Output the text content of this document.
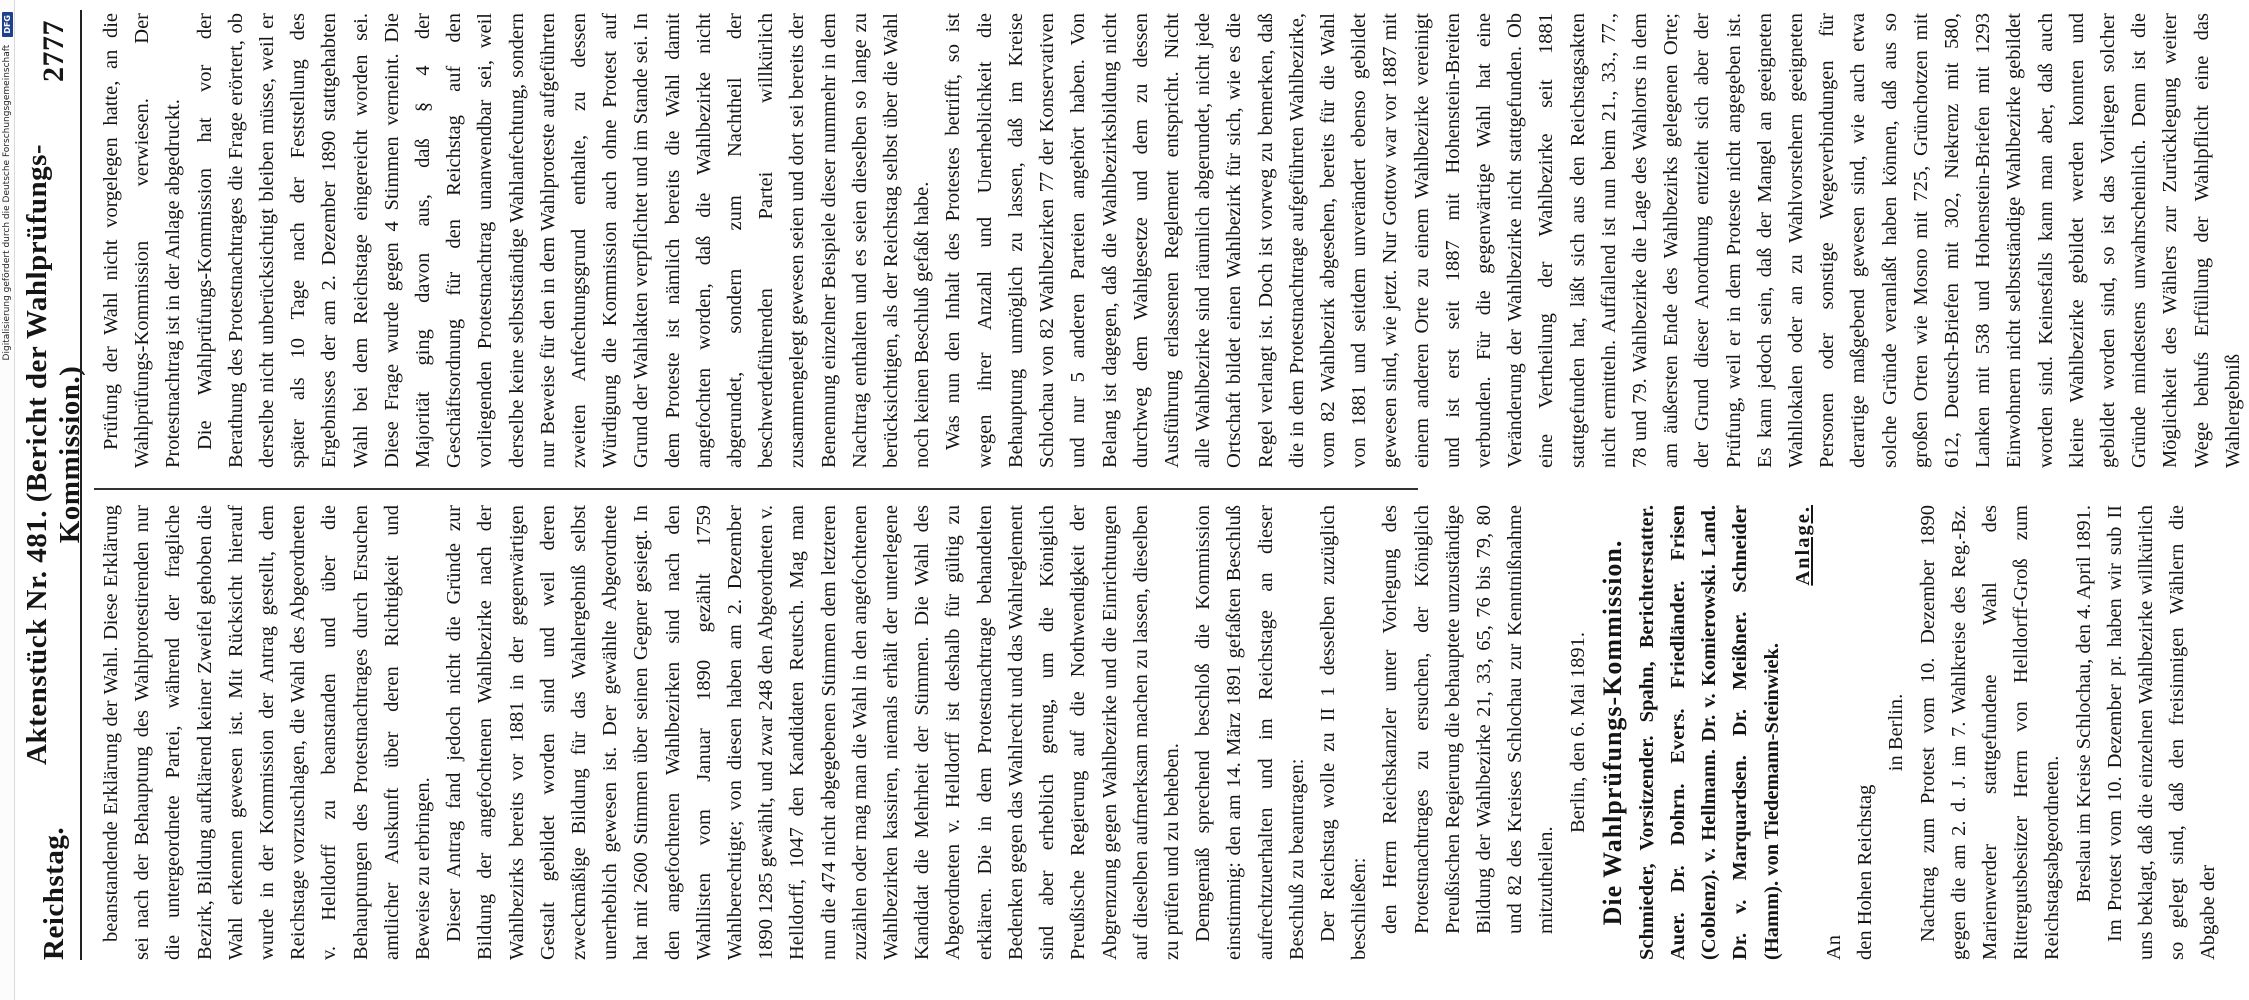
Digitalisierung gefördert durch die Deutsche Forschungsgemeinschaft
DFG
Reichstag.
Aktenstück Nr. 481. (Bericht der Wahlprüfungs-Kommission.)
2777

beanstandende Erklärung der Wahl. Diese Erklärung sei nach der Behauptung des Wahlprotestirenden nur die untergeordnete Partei, während der fragliche Bezirk, Bildung aufklärend keiner Zweifel gehoben die Wahl erkennen gewesen ist. Mit Rücksicht hierauf wurde in der Kommission der Antrag gestellt, dem Reichstage vorzuschlagen, die Wahl des Abgeordneten v. Helldorff zu beanstanden und über die Behauptungen des Protestnachtrages durch Ersuchen amtlicher Auskunft über deren Richtigkeit und Beweise zu erbringen. Dieser Antrag fand jedoch nicht die Gründe zur Bildung der angefochtenen Wahlbezirke nach der Wahlbezirks bereits vor 1881 in der gegenwärtigen Gestalt gebildet worden sind und weil deren zweckmäßige Bildung für das Wahlergebniß selbst unerheblich gewesen ist. Der gewählte Abgeordnete hat mit 2600 Stimmen über seinen Gegner gesiegt. In den angefochtenen Wahlbezirken sind nach den Wahllisten vom Januar 1890 gezählt 1759 Wahlberechtigte; von diesen haben am 2. Dezember 1890 1285 gewählt, und zwar 248 den Abgeordneten v. Helldorff, 1047 den Kandidaten Reutsch. Mag man nun die 474 nicht abgegebenen Stimmen dem letzteren zuzählen oder mag man die Wahl in den angefochtenen Wahlbezirken kassiren, niemals erhält der unterlegene Kandidat die Mehrheit der Stimmen. Die Wahl des Abgeordneten v. Helldorff ist deshalb für gültig zu erklären. Die in dem Protestnachtrage behandelten Bedenken gegen das Wahlrecht und das Wahlreglement sind aber erheblich genug, um die Königlich Preußische Regierung auf die Nothwendigkeit der Abgrenzung gegen Wahlbezirke und die Einrichtungen auf dieselben aufmerksam machen zu lassen, dieselben zu prüfen und zu beheben. Demgemäß sprechend beschloß die Kommission einstimmig: den am 14. März 1891 gefaßten Beschluß aufrechtzuerhalten und im Reichstage an dieser Beschluß zu beantragen: Der Reichstag wolle zu II 1 desselben zuzüglich beschließen: den Herrn Reichskanzler unter Vorlegung des Protestnachtrages zu ersuchen, der Königlich Preußischen Regierung die behauptete unzuständige Bildung der Wahlbezirke 21, 33, 65, 76 bis 79, 80 und 82 des Kreises Schlochau zur Kenntnißnahme mitzutheilen.

Berlin, den 6. Mai 1891. Die Wahlprüfungs-Kommission. Schmieder, Vorsitzender. Spahn, Berichterstatter. Auer. Dr. Dohrn. Evers. Friedländer. Frisen (Coblenz). v. Hellmann. Dr. v. Komierowski. Land. Dr. v. Marquardsen. Dr. Meißner. Schneider (Hamm). von Tiedemann-Steinwiek.

Anlage.

An den Hohen Reichstag

in Berlin. Nachtrag zum Protest vom 10. Dezember 1890 gegen die am 2. d. J. im 7. Wahlkreise des Reg.-Bz. Marienwerder stattgefundene Wahl des Rittergutsbesitzer Herrn von Helldorff-Groß zum Reichstagsabgeordneten. Breslau im Kreise Schlochau, den 4. April 1891. Im Protest vom 10. Dezember pr. haben wir sub II uns beklagt, daß die einzelnen Wahlbezirke willkürlich so gelegt sind, daß den freisinnigen Wählern die Abgabe der

Prüfung der Wahl nicht vorgelegen hatte, an die Wahlprüfungs-Kommission verwiesen. Der Protestnachtrag ist in der Anlage abgedruckt. Die Wahlprüfungs-Kommission hat vor der Berathung des Protestnachtrages die Frage erörtert, ob derselbe nicht unberücksichtigt bleiben müsse, weil er später als 10 Tage nach der Feststellung des Ergebnisses der am 2. Dezember 1890 stattgehabten Wahl bei dem Reichstage eingereicht worden sei. Diese Frage wurde gegen 4 Stimmen verneint. Die Majorität ging davon aus, daß § 4 der Geschäftsordnung für den Reichstag auf den vorliegenden Protestnachtrag unanwendbar sei, weil derselbe keine selbstständige Wahlanfechtung, sondern nur Beweise für den in dem Wahlproteste aufgeführten zweiten Anfechtungsgrund enthalte, zu dessen Würdigung die Kommission auch ohne Protest auf Grund der Wahlakten verpflichtet und im Stande sei. In dem Proteste ist nämlich bereits die Wahl damit angefochten worden, daß die Wahlbezirke nicht abgerundet, sondern zum Nachtheil der beschwerdeführenden Partei willkürlich zusammengelegt gewesen seien und dort sei bereits der Benennung einzelner Beispiele dieser nummehr in dem Nachtrag enthalten und es seien dieselben so lange zu berücksichtigen, als der Reichstag selbst über die Wahl noch keinen Beschluß gefaßt habe. Was nun den Inhalt des Protestes betrifft, so ist wegen ihrer Anzahl und Unerheblichkeit die Behauptung unmöglich zu lassen, daß im Kreise Schlochau von 82 Wahlbezirken 77 der Konservativen und nur 5 anderen Parteien angehört haben. Von Belang ist dagegen, daß die Wahlbezirksbildung nicht durchweg dem Wahlgesetze und dem zu dessen Ausführung erlassenen Reglement entspricht. Nicht alle Wahlbezirke sind räumlich abgerundet, nicht jede Ortschaft bildet einen Wahlbezirk für sich, wie es die Regel verlangt ist. Doch ist vorweg zu bemerken, daß die in dem Protestnachtrage aufgeführten Wahlbezirke, vom 82 Wahlbezirk abgesehen, bereits für die Wahl von 1881 und seitdem unverändert ebenso gebildet gewesen sind, wie jetzt. Nur Gottow war vor 1887 mit einem anderen Orte zu einem Wahlbezirke vereinigt und ist erst seit 1887 mit Hohenstein-Breiten verbunden. Für die gegenwärtige Wahl hat eine Veränderung der Wahlbezirke nicht stattgefunden. Ob eine Vertheilung der Wahlbezirke seit 1881 stattgefunden hat, läßt sich aus den Reichstagsakten nicht ermitteln. Auffallend ist nun beim 21., 33., 77., 78 und 79. Wahlbezirke die Lage des Wahlorts in dem am äußersten Ende des Wahlbezirks gelegenen Orte; der Grund dieser Anordnung entzieht sich aber der Prüfung, weil er in dem Proteste nicht angegeben ist. Es kann jedoch sein, daß der Mangel an geeigneten Wahllokalen oder an zu Wahlvorstehern geeigneten Personen oder sonstige Wegeverbindungen für derartige maßgebend gewesen sind, wie auch etwa solche Gründe veranlaßt haben können, daß aus so großen Orten wie Mosno mit 725, Grünchotzen mit 612, Deutsch-Briefen mit 302, Niekrenz mit 580, Lanken mit 538 und Hohenstein-Briefen mit 1293 Einwohnern nicht selbstständige Wahlbezirke gebildet worden sind. Keinesfalls kann man aber, daß auch kleine Wahlbezirke gebildet werden konnten und gebildet worden sind, so ist das Vorliegen solcher Gründe mindestens unwahrscheinlich. Denn ist die Möglichkeit des Wählers zur Zurücklegung weiter Wege behufs Erfüllung der Wahlpflicht eine das Wahlergebniß
